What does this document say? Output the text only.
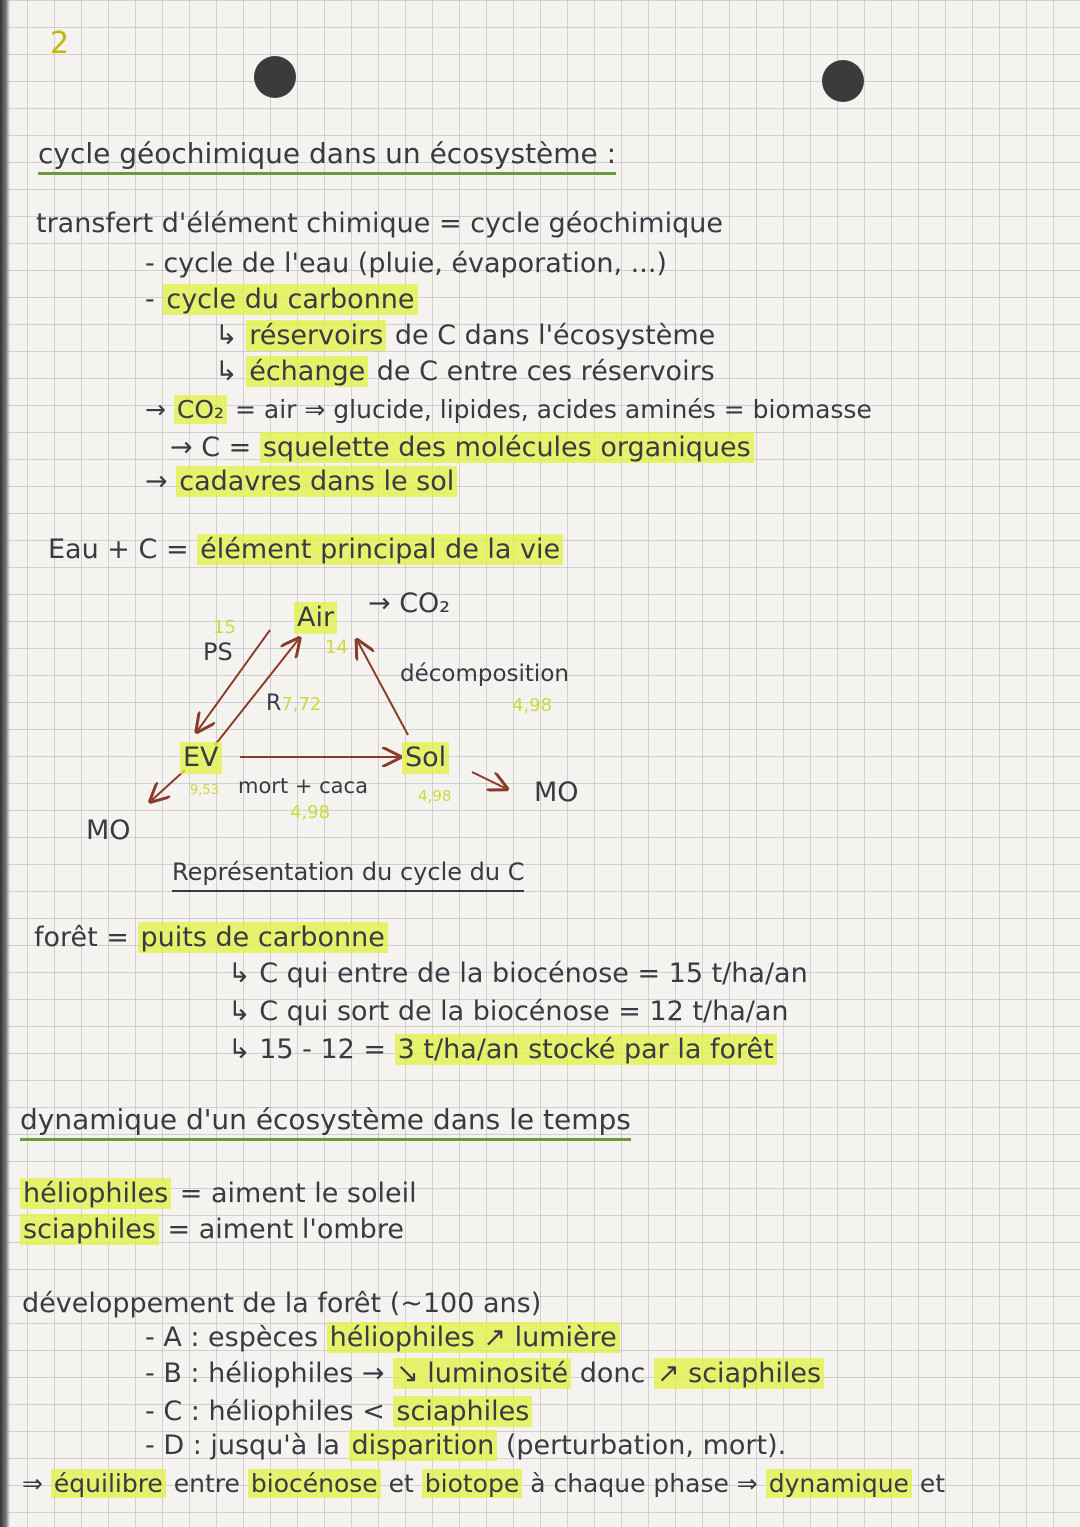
2
cycle géochimique dans un écosystème :
transfert d'élément chimique = cycle géochimique
- cycle de l'eau (pluie, évaporation, ...)
- cycle du carbonne
↳ réservoirs de C dans l'écosystème
↳ échange de C entre ces réservoirs
→ CO₂ = air ⇒ glucide, lipides, acides aminés = biomasse
→ C = squelette des molécules organiques
→ cadavres dans le sol
Eau + C = élément principal de la vie
Air → CO₂
14
15
PS
R7,72
décomposition
4,98
EV	Sol
9,53 mort + caca
4,98
4,98	MO
MO
Représentation du cycle du C
forêt = puits de carbonne
↳ C qui entre de la biocénose = 15 t/ha/an
↳ C qui sort de la biocénose = 12 t/ha/an
↳ 15 - 12 = 3 t/ha/an stocké par la forêt
dynamique d'un écosystème dans le temps
héliophiles = aiment le soleil
sciaphiles = aiment l'ombre
développement de la forêt (~100 ans)
- A : espèces héliophiles ↗ lumière
- B : héliophiles → ↘ luminosité donc ↗ sciaphiles
- C : héliophiles < sciaphiles
- D : jusqu'à la disparition (perturbation, mort).
⇒ équilibre entre biocénose et biotope à chaque phase ⇒ dynamique et
